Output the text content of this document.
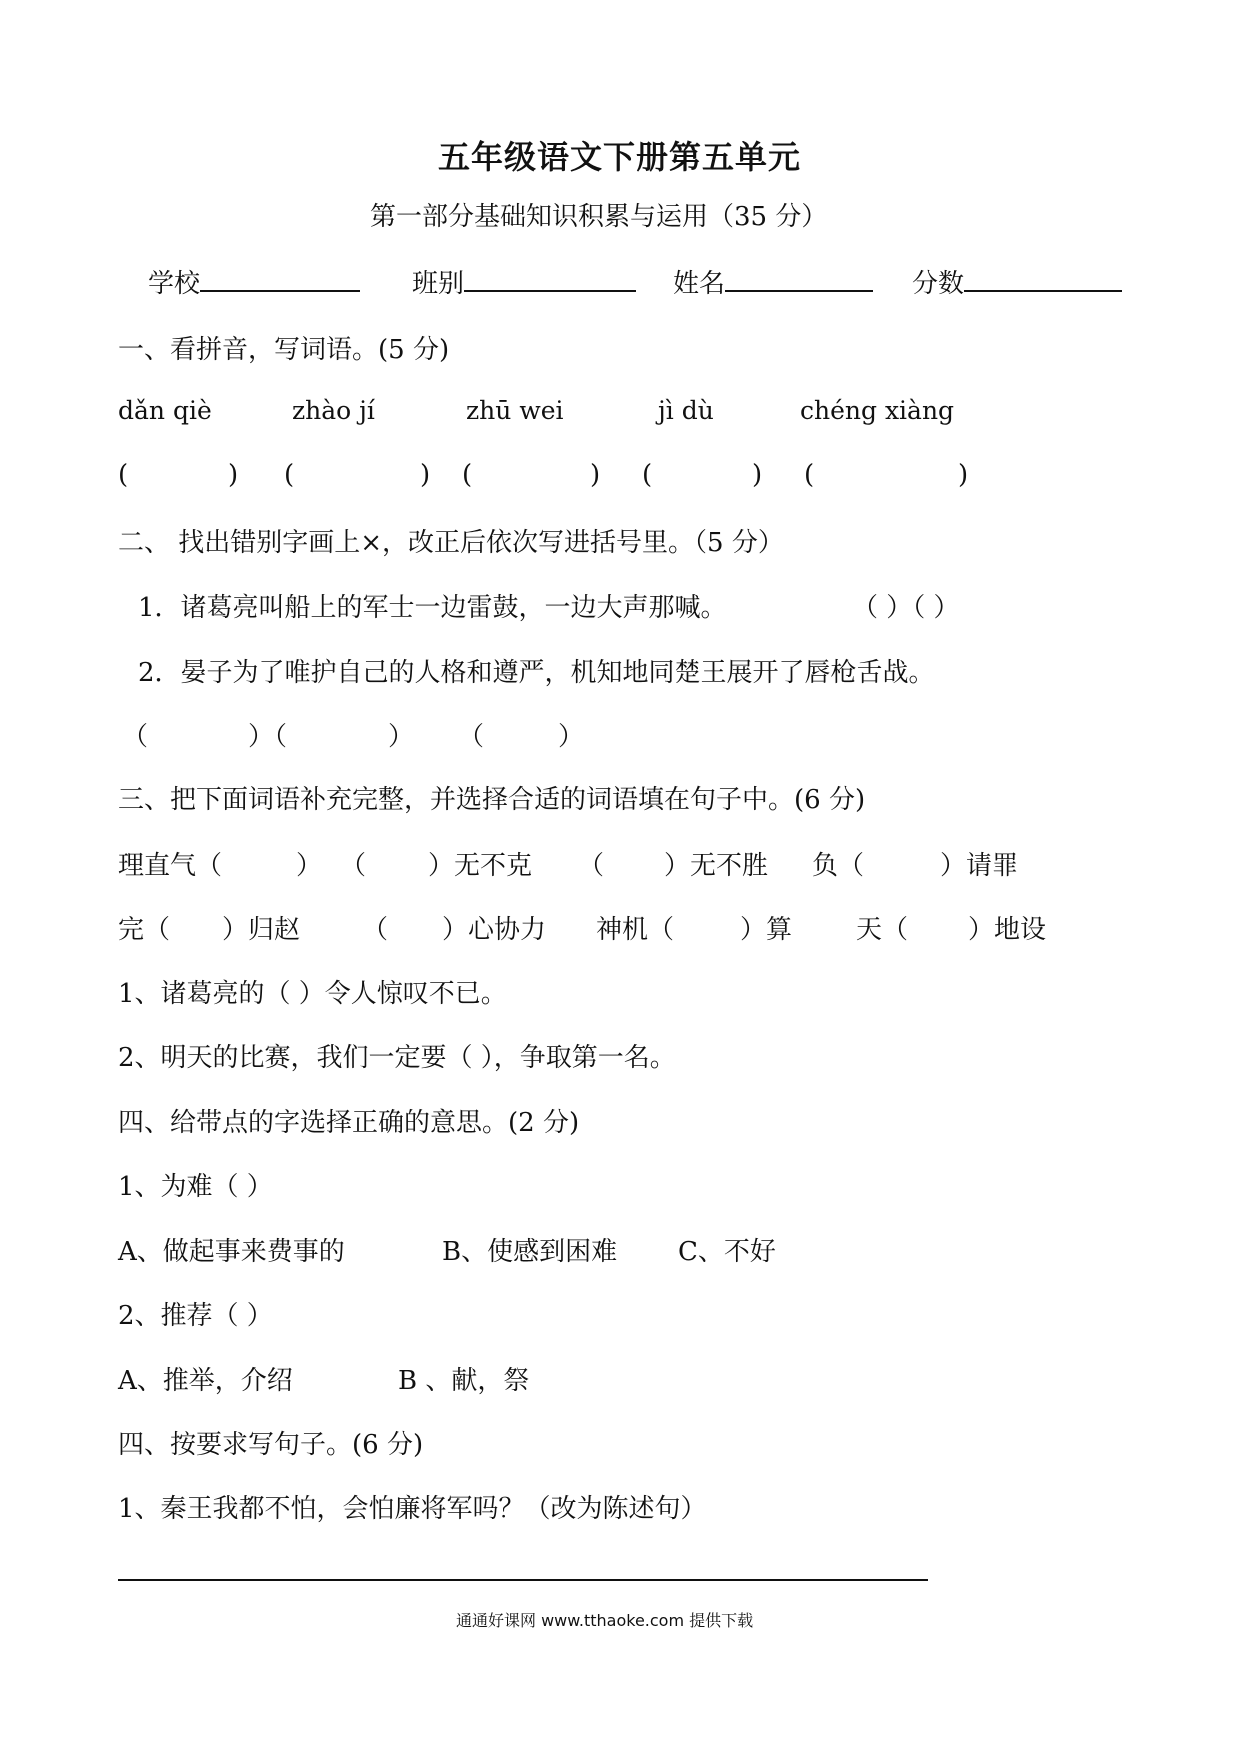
五年级语文下册第五单元
第一部分基础知识积累与运用（35 分）
学校	班别	姓名	分数
一、看拼音，写词语。(5 分)
dǎn qiè	zhào jí	zhū wei	jì dù	chéng xiàng
(	) (	) (	) (	) (	)
二、 找出错别字画上×，改正后依次写进括号里。（5 分）
1．诸葛亮叫船上的军士一边雷鼓，一边大声那喊。	（ ）（ ）
2．晏子为了唯护自己的人格和遵严，机知地同楚王展开了唇枪舌战。
（	）（	） （	）
三、把下面词语补充完整，并选择合适的词语填在句子中。(6 分)
理直气（	） （ ）无不克 （ ）无不胜 负（	）请罪
完（ ）归赵 （ ）心协力 神机（	）算 天（ ）地设
1、诸葛亮的（ ）令人惊叹不已。
2、明天的比赛，我们一定要（ ），争取第一名。
四、给带点的字选择正确的意思。(2 分)
1、为难（ ）
A、做起事来费事的	B、使感到困难 C、不好
2、推荐（ ）
A、推举，介绍	B 、献，祭
四、按要求写句子。(6 分)
1、秦王我都不怕，会怕廉将军吗？（改为陈述句）
通通好课网 www.tthaoke.com 提供下载
